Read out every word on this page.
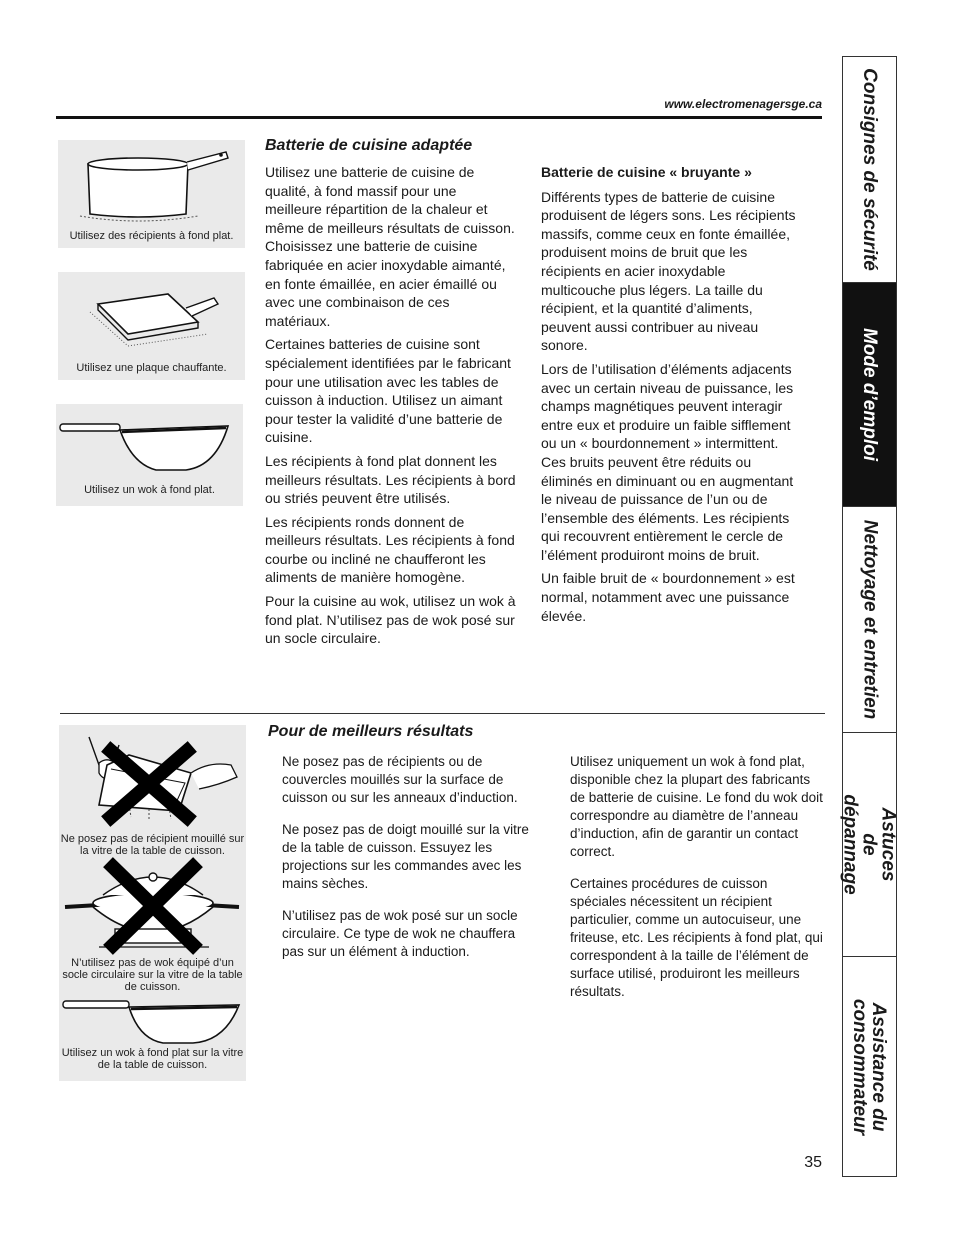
www.electromenagersge.ca
Utilisez des récipients à fond plat.
Utilisez une plaque chauffante.
Utilisez un wok à fond plat.
Batterie de cuisine adaptée

Utilisez une batterie de cuisine de qualité, à fond massif pour une meilleure répartition de la chaleur et même de meilleurs résultats de cuisson. Choisissez une batterie de cuisine fabriquée en acier inoxydable aimanté, en fonte émaillée, en acier émaillé ou avec une combinaison de ces matériaux.

Certaines batteries de cuisine sont spécialement identifiées par le fabricant pour une utilisation avec les tables de cuisson à induction. Utilisez un aimant pour tester la validité d’une batterie de cuisine.

Les récipients à fond plat donnent les meilleurs résultats. Les récipients à bord ou striés peuvent être utilisés.

Les récipients ronds donnent de meilleurs résultats. Les récipients à fond courbe ou incliné ne chaufferont les aliments de manière homogène.

Pour la cuisine au wok, utilisez un wok à fond plat. N’utilisez pas de wok posé sur un socle circulaire.

Batterie de cuisine « bruyante »

Différents types de batterie de cuisine produisent de légers sons. Les récipients massifs, comme ceux en fonte émaillée, produisent moins de bruit que les récipients en acier inoxydable multicouche plus légers. La taille du récipient, et la quantité d’aliments, peuvent aussi contribuer au niveau sonore.

Lors de l’utilisation d’éléments adjacents avec un certain niveau de puissance, les champs magnétiques peuvent interagir entre eux et produire un faible sifflement ou un « bourdonnement » intermittent. Ces bruits peuvent être réduits ou éliminés en diminuant ou en augmentant le niveau de puissance de l’un ou de l’ensemble des éléments. Les récipients qui recouvrent entièrement le cercle de l’élément produiront moins de bruit.

Un faible bruit de « bourdonnement » est normal, notamment avec une puissance élevée.

Ne posez pas de récipient mouillé sur la vitre de la table de cuisson.
N’utilisez pas de wok équipé d’un socle circulaire sur la vitre de la table de cuisson.
Utilisez un wok à fond plat sur la vitre de la table de cuisson.
Pour de meilleurs résultats

Ne posez pas de récipients ou de couvercles mouillés sur la surface de cuisson ou sur les anneaux d’induction.

Ne posez pas de doigt mouillé sur la vitre de la table de cuisson. Essuyez les projections sur les commandes avec les mains sèches.

N’utilisez pas de wok posé sur un socle circulaire. Ce type de wok ne chauffera pas sur un élément à induction.

Utilisez uniquement un wok à fond plat, disponible chez la plupart des fabricants de batterie de cuisine. Le fond du wok doit correspondre au diamètre de l’anneau d’induction, afin de garantir un contact correct.

Certaines procédures de cuisson spéciales nécessitent un récipient particulier, comme un autocuiseur, une friteuse, etc. Les récipients à fond plat, qui correspondent à la taille de l’élément de surface utilisé, produiront les meilleurs résultats.

Consignes de sécurité
Mode d’emploi
Nettoyage et entretien
Astuces de
dépannage
Assistance du
consommateur
35
